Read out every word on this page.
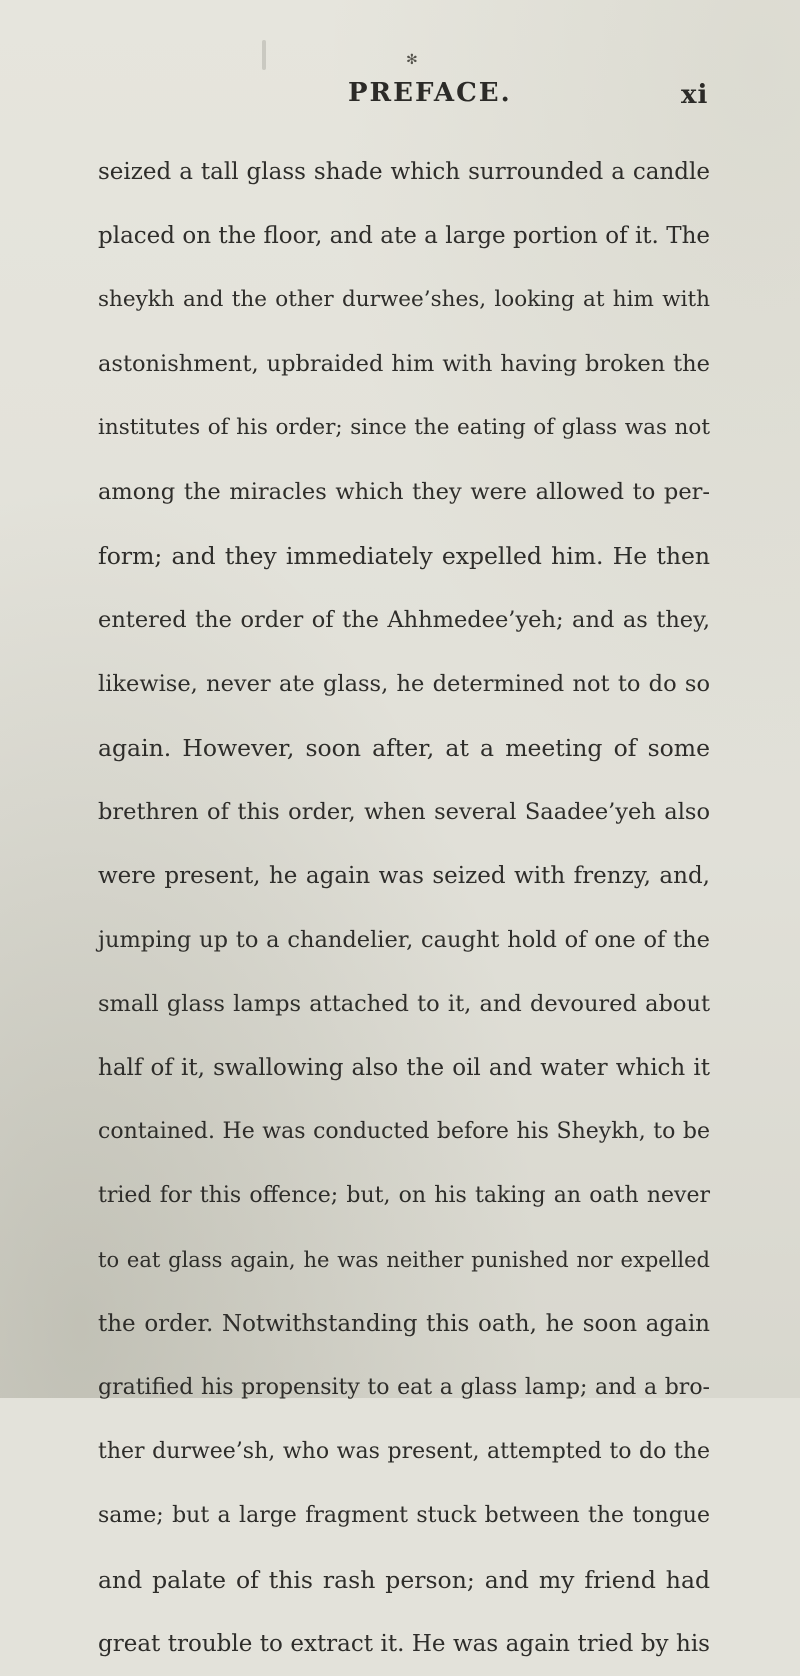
✻
PREFACE.	xi
seized a tall glass shade which surrounded a candle
placed on the floor, and ate a large portion of it. The
sheykh and the other durwee’shes, looking at him with
astonishment, upbraided him with having broken the
institutes of his order; since the eating of glass was not
among the miracles which they were allowed to per-
form; and they immediately expelled him. He then
entered the order of the Ahhmedee’yeh; and as they,
likewise, never ate glass, he determined not to do so
again. However, soon after, at a meeting of some
brethren of this order, when several Saadee’yeh also
were present, he again was seized with frenzy, and,
jumping up to a chandelier, caught hold of one of the
small glass lamps attached to it, and devoured about
half of it, swallowing also the oil and water which it
contained. He was conducted before his Sheykh, to be
tried for this offence; but, on his taking an oath never
to eat glass again, he was neither punished nor expelled
the order. Notwithstanding this oath, he soon again
gratified his propensity to eat a glass lamp; and a bro-
ther durwee’sh, who was present, attempted to do the
same; but a large fragment stuck between the tongue
and palate of this rash person; and my friend had
great trouble to extract it. He was again tried by his
